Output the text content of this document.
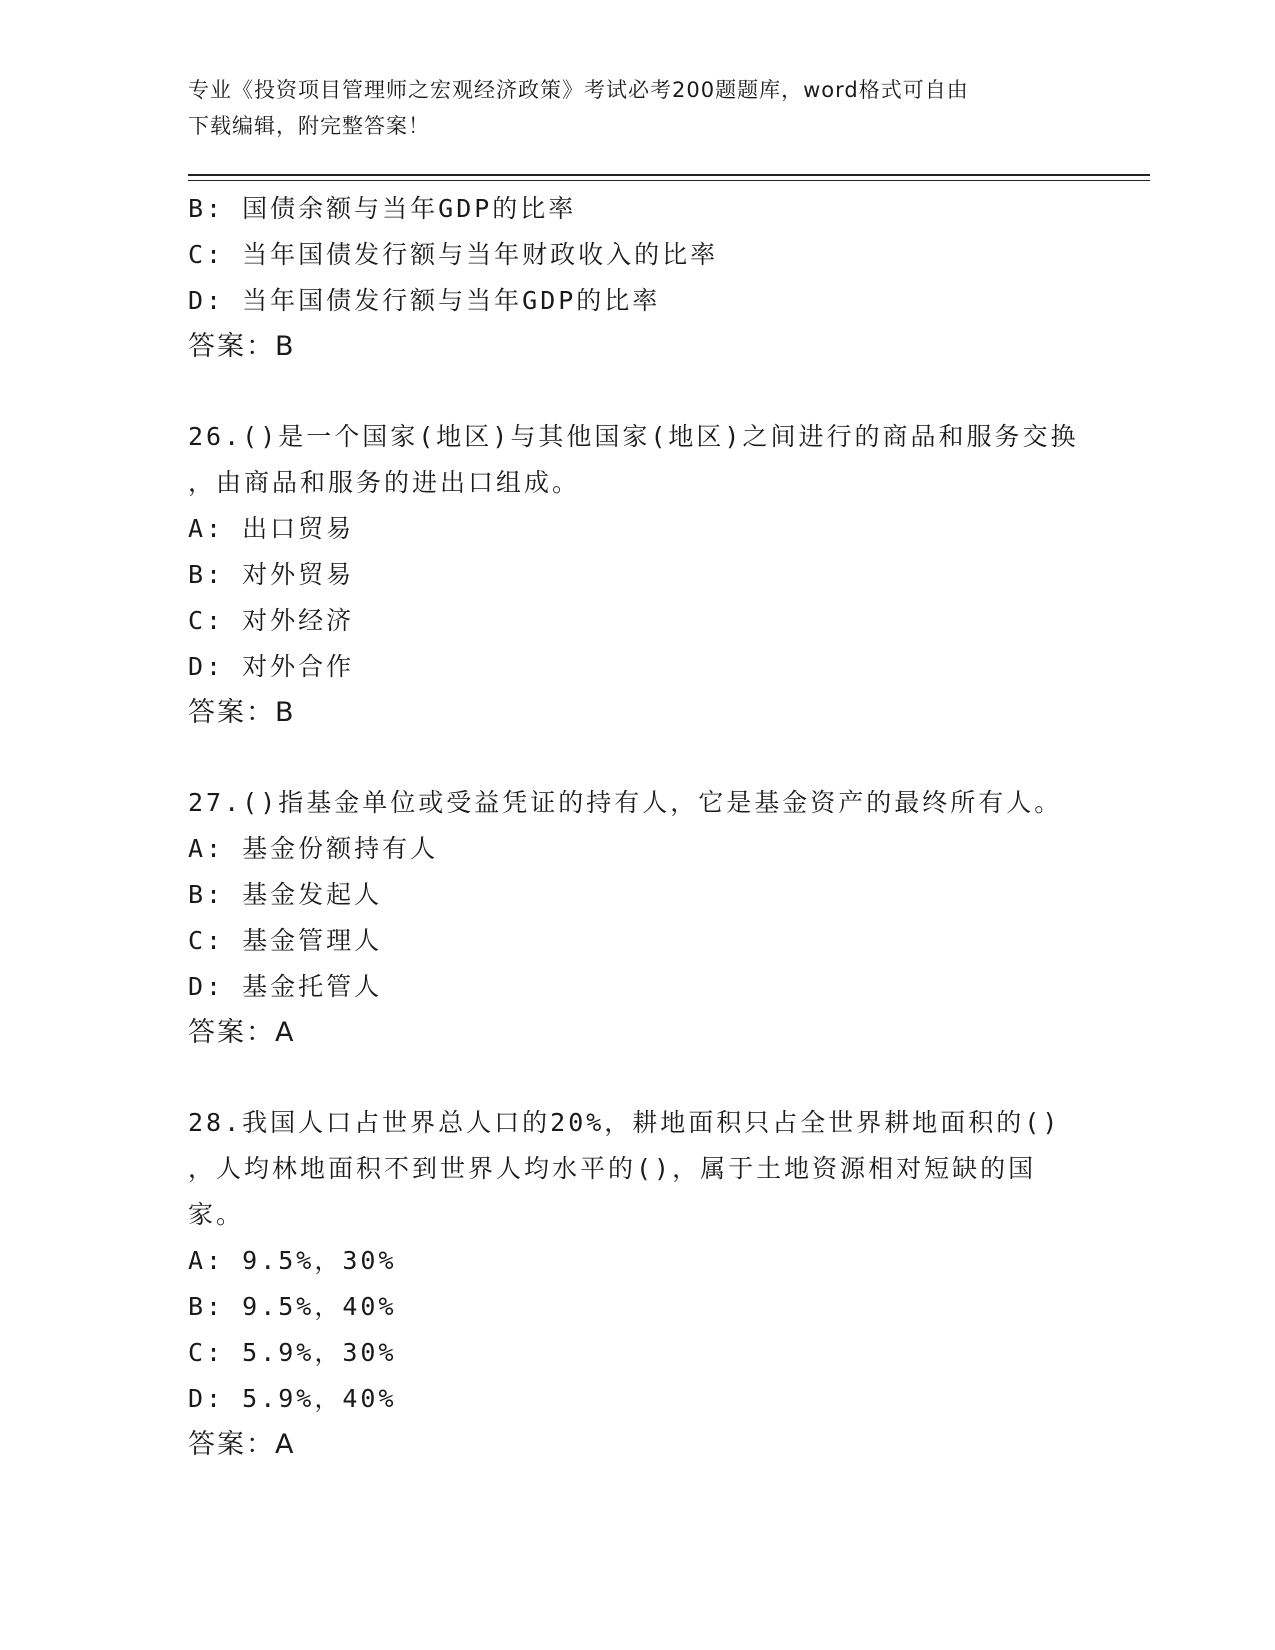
专业《投资项目管理师之宏观经济政策》考试必考200题题库，word格式可自由
下载编辑，附完整答案！
B: 国债余额与当年GDP的比率
C: 当年国债发行额与当年财政收入的比率
D: 当年国债发行额与当年GDP的比率
答案：B
26.()是一个国家(地区)与其他国家(地区)之间进行的商品和服务交换
，由商品和服务的进出口组成。
A: 出口贸易
B: 对外贸易
C: 对外经济
D: 对外合作
答案：B
27.()指基金单位或受益凭证的持有人，它是基金资产的最终所有人。
A: 基金份额持有人
B: 基金发起人
C: 基金管理人
D: 基金托管人
答案：A
28.我国人口占世界总人口的20%，耕地面积只占全世界耕地面积的()
，人均林地面积不到世界人均水平的()，属于土地资源相对短缺的国
家。
A: 9.5%，30%
B: 9.5%，40%
C: 5.9%，30%
D: 5.9%，40%
答案：A
